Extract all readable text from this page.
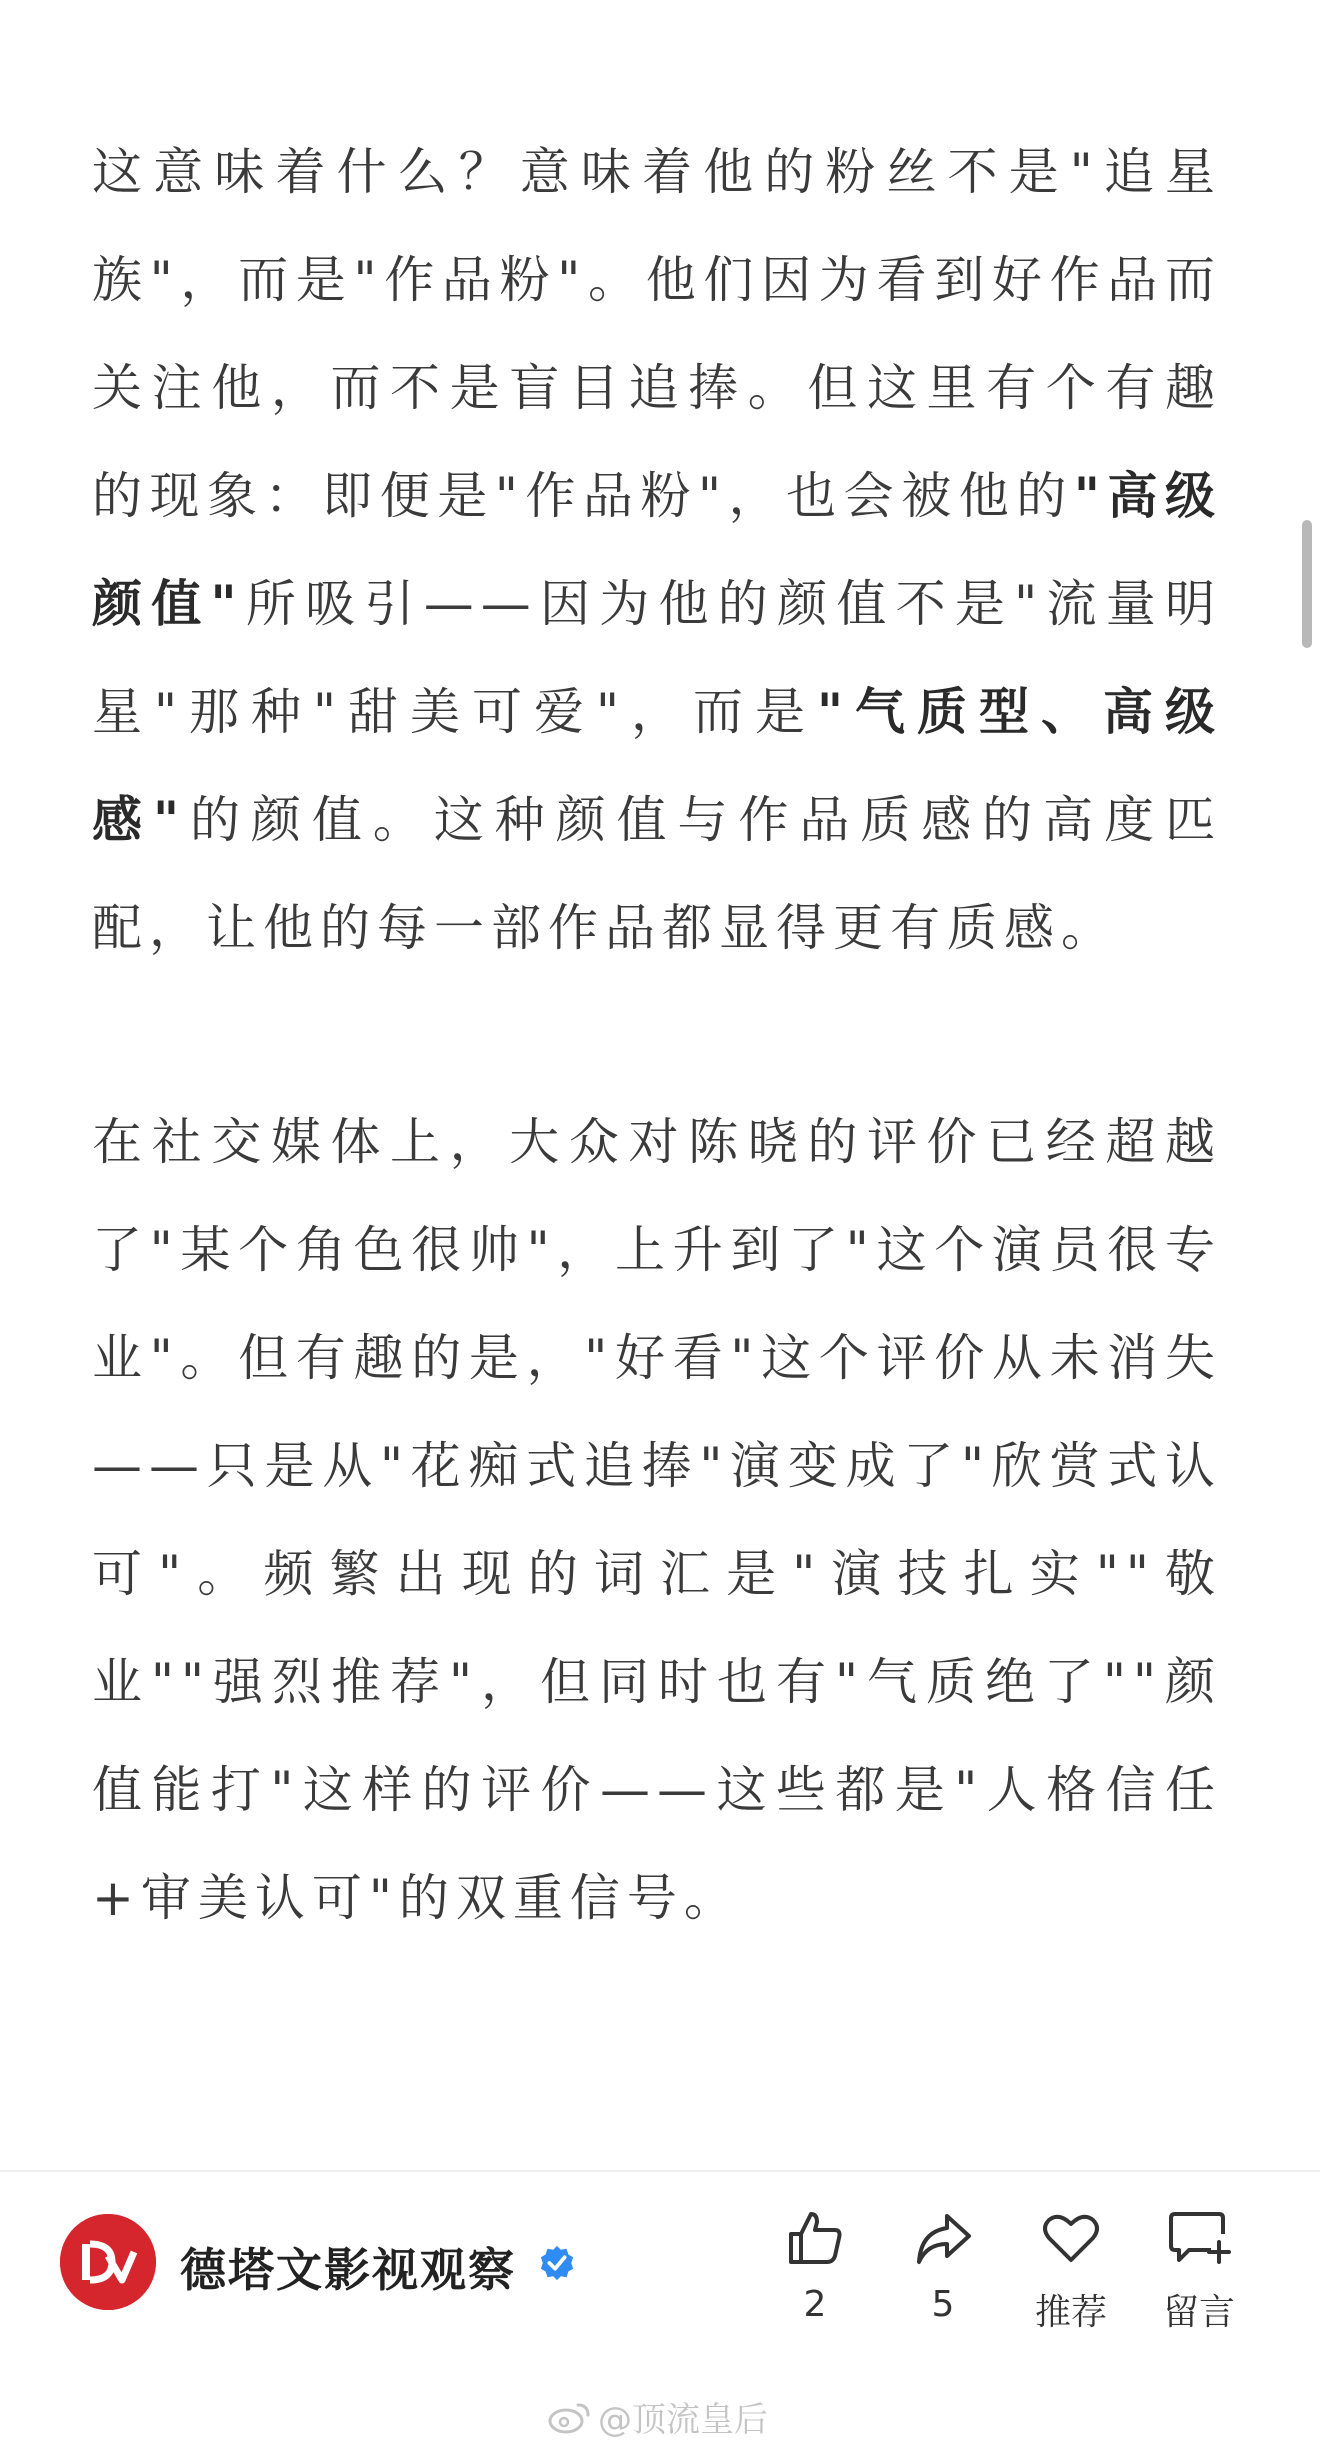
这意味着什么？意味着他的粉丝不是"追星族"，而是"作品粉"。他们因为看到好作品而关注他，而不是盲目追捧。但这里有个有趣的现象：即便是"作品粉"，也会被他的"高级颜值"所吸引——因为他的颜值不是"流量明星"那种"甜美可爱"，而是"气质型、高级感"的颜值。这种颜值与作品质感的高度匹配，让他的每一部作品都显得更有质感。

在社交媒体上，大众对陈晓的评价已经超越了"某个角色很帅"，上升到了"这个演员很专业"。但有趣的是，"好看"这个评价从未消失——只是从"花痴式追捧"演变成了"欣赏式认可"。频繁出现的词汇是"演技扎实""敬业""强烈推荐"，但同时也有"气质绝了""颜值能打"这样的评价——这些都是"人格信任+审美认可"的双重信号。

德塔文影视观察
2	5	推荐	留言
@顶流皇后
